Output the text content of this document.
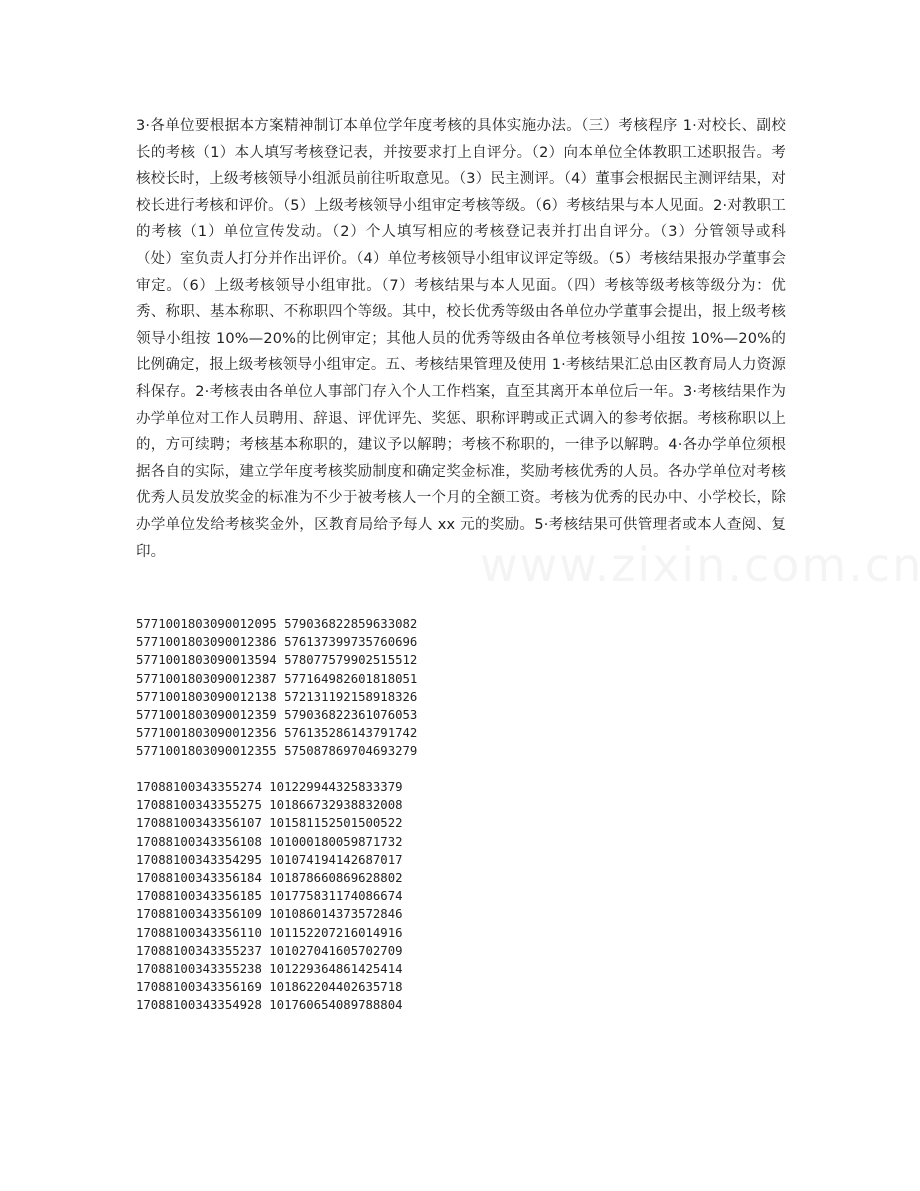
3·各单位要根据本方案精神制订本单位学年度考核的具体实施办法。（三）考核程序 1·对校长、副校长的考核（1）本人填写考核登记表，并按要求打上自评分。（2）向本单位全体教职工述职报告。考核校长时，上级考核领导小组派员前往听取意见。（3）民主测评。（4）董事会根据民主测评结果，对校长进行考核和评价。（5）上级考核领导小组审定考核等级。（6）考核结果与本人见面。2·对教职工的考核（1）单位宣传发动。（2）个人填写相应的考核登记表并打出自评分。（3）分管领导或科（处）室负责人打分并作出评价。（4）单位考核领导小组审议评定等级。（5）考核结果报办学董事会审定。（6）上级考核领导小组审批。（7）考核结果与本人见面。（四）考核等级考核等级分为：优秀、称职、基本称职、不称职四个等级。其中，校长优秀等级由各单位办学董事会提出，报上级考核领导小组按 10%—20%的比例审定；其他人员的优秀等级由各单位考核领导小组按 10%—20%的比例确定，报上级考核领导小组审定。五、考核结果管理及使用 1·考核结果汇总由区教育局人力资源科保存。2·考核表由各单位人事部门存入个人工作档案，直至其离开本单位后一年。3·考核结果作为办学单位对工作人员聘用、辞退、评优评先、奖惩、职称评聘或正式调入的参考依据。考核称职以上的，方可续聘；考核基本称职的，建议予以解聘；考核不称职的，一律予以解聘。4·各办学单位须根据各自的实际，建立学年度考核奖励制度和确定奖金标准，奖励考核优秀的人员。各办学单位对考核优秀人员发放奖金的标准为不少于被考核人一个月的全额工资。考核为优秀的民办中、小学校长，除办学单位发给考核奖金外，区教育局给予每人 xx 元的奖励。5·考核结果可供管理者或本人查阅、复印。

5771001803090012095 579036822859633082
5771001803090012386 576137399735760696
5771001803090013594 578077579902515512
5771001803090012387 577164982601818051
5771001803090012138 572131192158918326
5771001803090012359 579036822361076053
5771001803090012356 576135286143791742
5771001803090012355 575087869704693279
17088100343355274 101229944325833379
17088100343355275 101866732938832008
17088100343356107 101581152501500522
17088100343356108 101000180059871732
17088100343354295 101074194142687017
17088100343356184 101878660869628802
17088100343356185 101775831174086674
17088100343356109 101086014373572846
17088100343356110 101152207216014916
17088100343355237 101027041605702709
17088100343355238 101229364861425414
17088100343356169 101862204402635718
17088100343354928 101760654089788804
